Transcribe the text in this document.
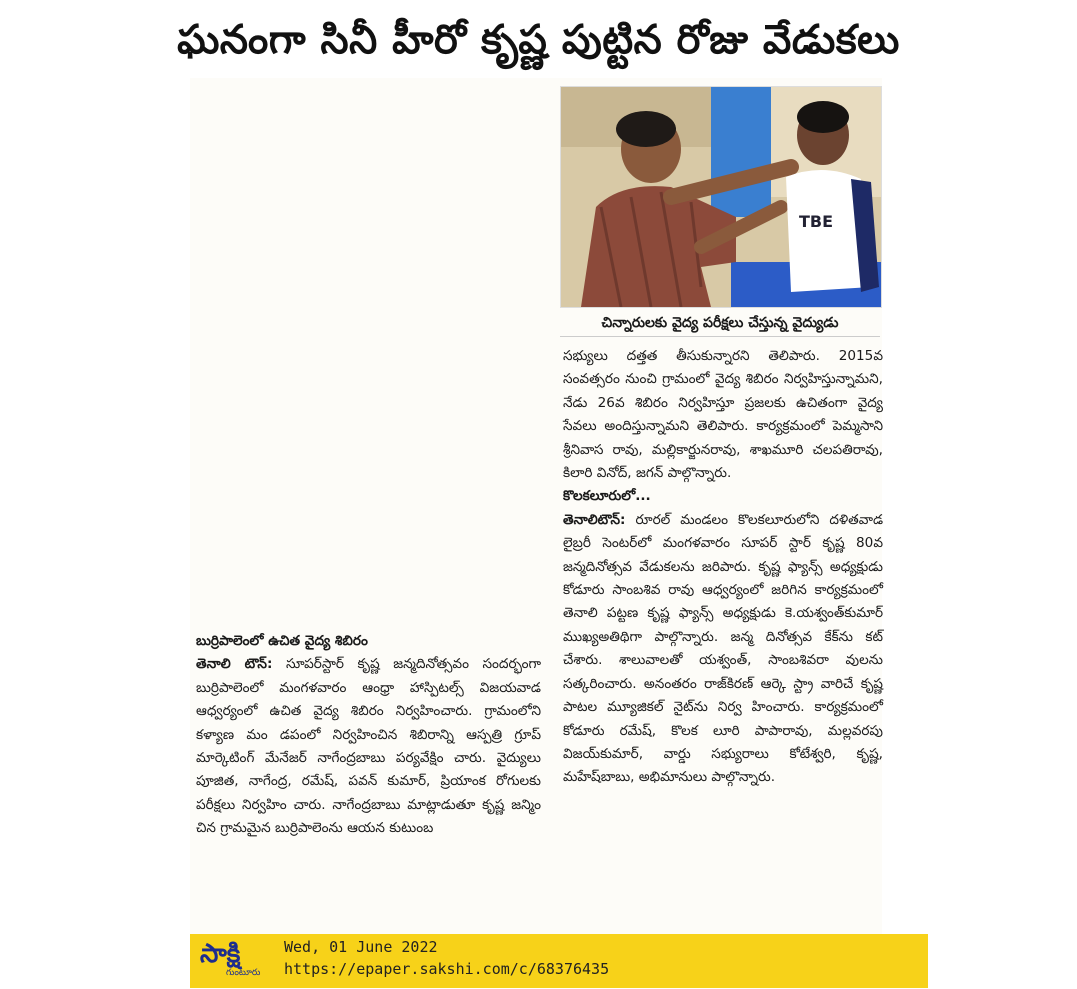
ఘనంగా సినీ హీరో కృష్ణ పుట్టిన రోజు వేడుకలు
TBE
చిన్నారులకు వైద్య పరీక్షలు చేస్తున్న వైద్యుడు

సభ్యులు దత్తత తీసుకున్నారని తెలిపారు. 2015వ సంవత్సరం నుంచి గ్రామంలో వైద్య శిబిరం నిర్వహిస్తున్నామని, నేడు 26వ శిబిరం నిర్వహిస్తూ ప్రజలకు ఉచితంగా వైద్య సేవలు అందిస్తున్నామని తెలిపారు. కార్యక్రమంలో పెమ్మసాని శ్రీనివాస రావు, మల్లికార్జునరావు, శాఖమూరి చలపతిరావు, కిలారి వినోద్, జగన్ పాల్గొన్నారు.

కొలకలూరులో...

తెనాలిటౌన్: రూరల్ మండలం కొలకలూరులోని దళితవాడ లైబ్రరీ సెంటర్‌లో మంగళవారం సూపర్ స్టార్ కృష్ణ 80వ జన్మదినోత్సవ వేడుకలను జరిపారు. కృష్ణ ఫ్యాన్స్ అధ్యక్షుడు కోడూరు సాంబశివ రావు ఆధ్వర్యంలో జరిగిన కార్యక్రమంలో తెనాలి పట్టణ కృష్ణ ఫ్యాన్స్ అధ్యక్షుడు కె.యశ్వంత్‌కుమార్ ముఖ్యఅతిథిగా పాల్గొన్నారు. జన్మ దినోత్సవ కేక్‌ను కట్ చేశారు. శాలువాలతో యశ్వంత్, సాంబశివరా వులను సత్కరించారు. అనంతరం రాజ్‌కిరణ్ ఆర్కె స్ట్రా వారిచే కృష్ణ పాటల మ్యూజికల్ నైట్‌ను నిర్వ హించారు. కార్యక్రమంలో కోడూరు రమేష్, కొలక లూరి పాపారావు, మల్లవరపు విజయ్‌కుమార్, వార్డు సభ్యురాలు కోటేశ్వరి, కృష్ణ, మహేష్‌బాబు, అభిమానులు పాల్గొన్నారు.

బుర్రిపాలెంలో ఉచిత వైద్య శిబిరం

తెనాలి టౌన్: సూపర్‌స్టార్ కృష్ణ జన్మదినోత్సవం సందర్భంగా బుర్రిపాలెంలో మంగళవారం ఆంధ్రా హాస్పిటల్స్ విజయవాడ ఆధ్వర్యంలో ఉచిత వైద్య శిబిరం నిర్వహించారు. గ్రామంలోని కళ్యాణ మం డపంలో నిర్వహించిన శిబిరాన్ని ఆస్పత్రి గ్రూప్ మార్కెటింగ్ మేనేజర్ నాగేంద్రబాబు పర్యవేక్షిం చారు. వైద్యులు పూజిత, నాగేంద్ర, రమేష్, పవన్ కుమార్, ప్రియాంక రోగులకు పరీక్షలు నిర్వహిం చారు. నాగేంద్రబాబు మాట్లాడుతూ కృష్ణ జన్మిం చిన గ్రామమైన బుర్రిపాలెంను ఆయన కుటుంబ

సాక్షి
గుంటూరు
Wed, 01 June 2022
https://epaper.sakshi.com/c/68376435
